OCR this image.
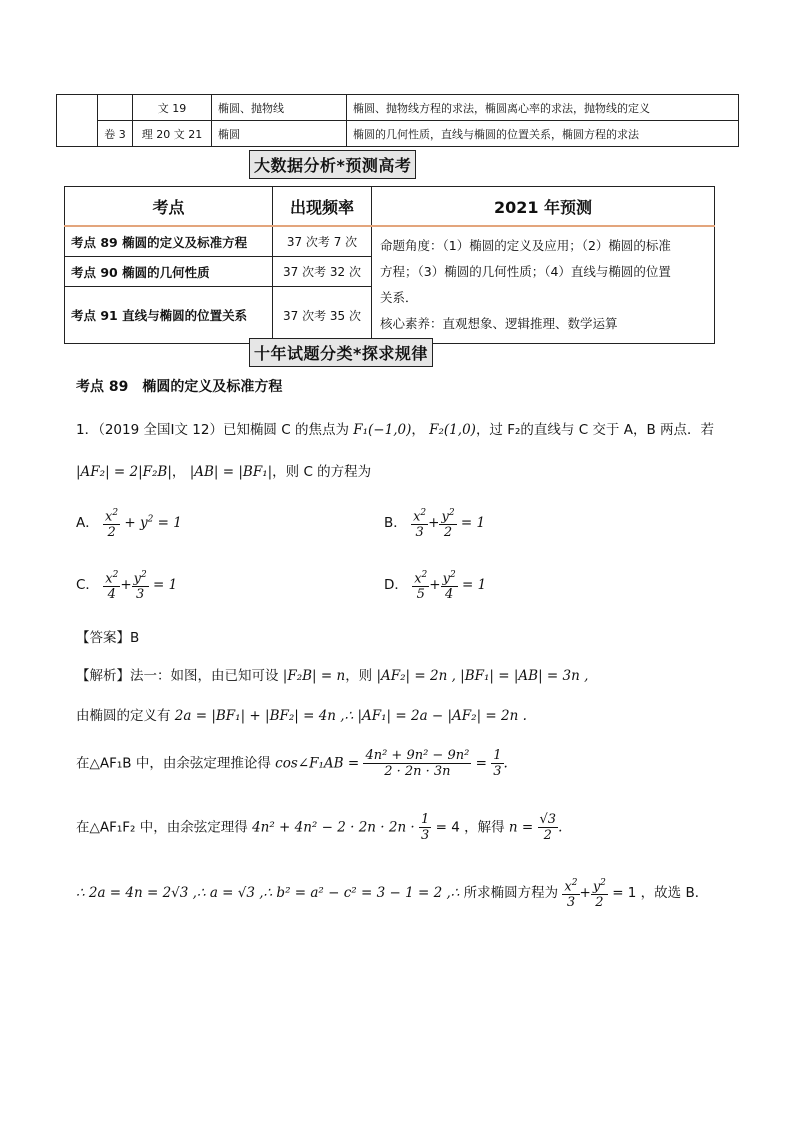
		文 19	椭圆、抛物线	椭圆、抛物线方程的求法，椭圆离心率的求法，抛物线的定义
	卷 3	理 20 文 21	椭圆	椭圆的几何性质，直线与椭圆的位置关系，椭圆方程的求法
大数据分析*预测高考
考点	出现频率	2021 年预测
考点 89 椭圆的定义及标准方程	37 次考 7 次	命题角度：（1）椭圆的定义及应用；（2）椭圆的标准
方程；（3）椭圆的几何性质；（4）直线与椭圆的位置
关系．
核心素养：直观想象、逻辑推理、数学运算

考点 90 椭圆的几何性质	37 次考 32 次	
考点 91 直线与椭圆的位置关系	37 次考 35 次	
十年试题分类*探求规律
考点 89　椭圆的定义及标准方程
1．（2019 全国Ⅰ文 12）已知椭圆 C 的焦点为 F₁(−1,0)， F₂(1,0)，过 F₂的直线与 C 交于 A，B 两点．若
|AF₂| = 2|F₂B|， |AB| = |BF₁|，则 C 的方程为
A． $\frac{x^2}{2} + y^2 = 1$	B． $\frac{x^2}{3} + \frac{y^2}{2} = 1$
C． $\frac{x^2}{4} + \frac{y^2}{3} = 1$	D． $\frac{x^2}{5} + \frac{y^2}{4} = 1$
【答案】B
【解析】法一：如图，由已知可设 |F₂B| = n，则 |AF₂| = 2n , |BF₁| = |AB| = 3n ,
由椭圆的定义有 2a = |BF₁| + |BF₂| = 4n ,∴ |AF₁| = 2a − |AF₂| = 2n .
在△AF₁B 中，由余弦定理推论得 cos∠F₁AB = $\frac{\text{4n² + 9n² − 9n²}}{2 \cdot 2n \cdot 3n} = \frac{1}{3}$ .
在△AF₁F₂ 中，由余弦定理得 $4n^2 + 4n^2 - 2 \cdot 2n \cdot 2n \cdot \frac{1}{3} = 4$ ，解得 $n = \frac{√3}{2}$ .
∴ 2a = 4n = 2√3 ,∴ a = √3 ,∴ b² = a² − c² = 3 − 1 = 2 ,∴ 所求椭圆方程为 $\frac{x^2}{3} + \frac{y^2}{2} = 1$ ，故选 B．
